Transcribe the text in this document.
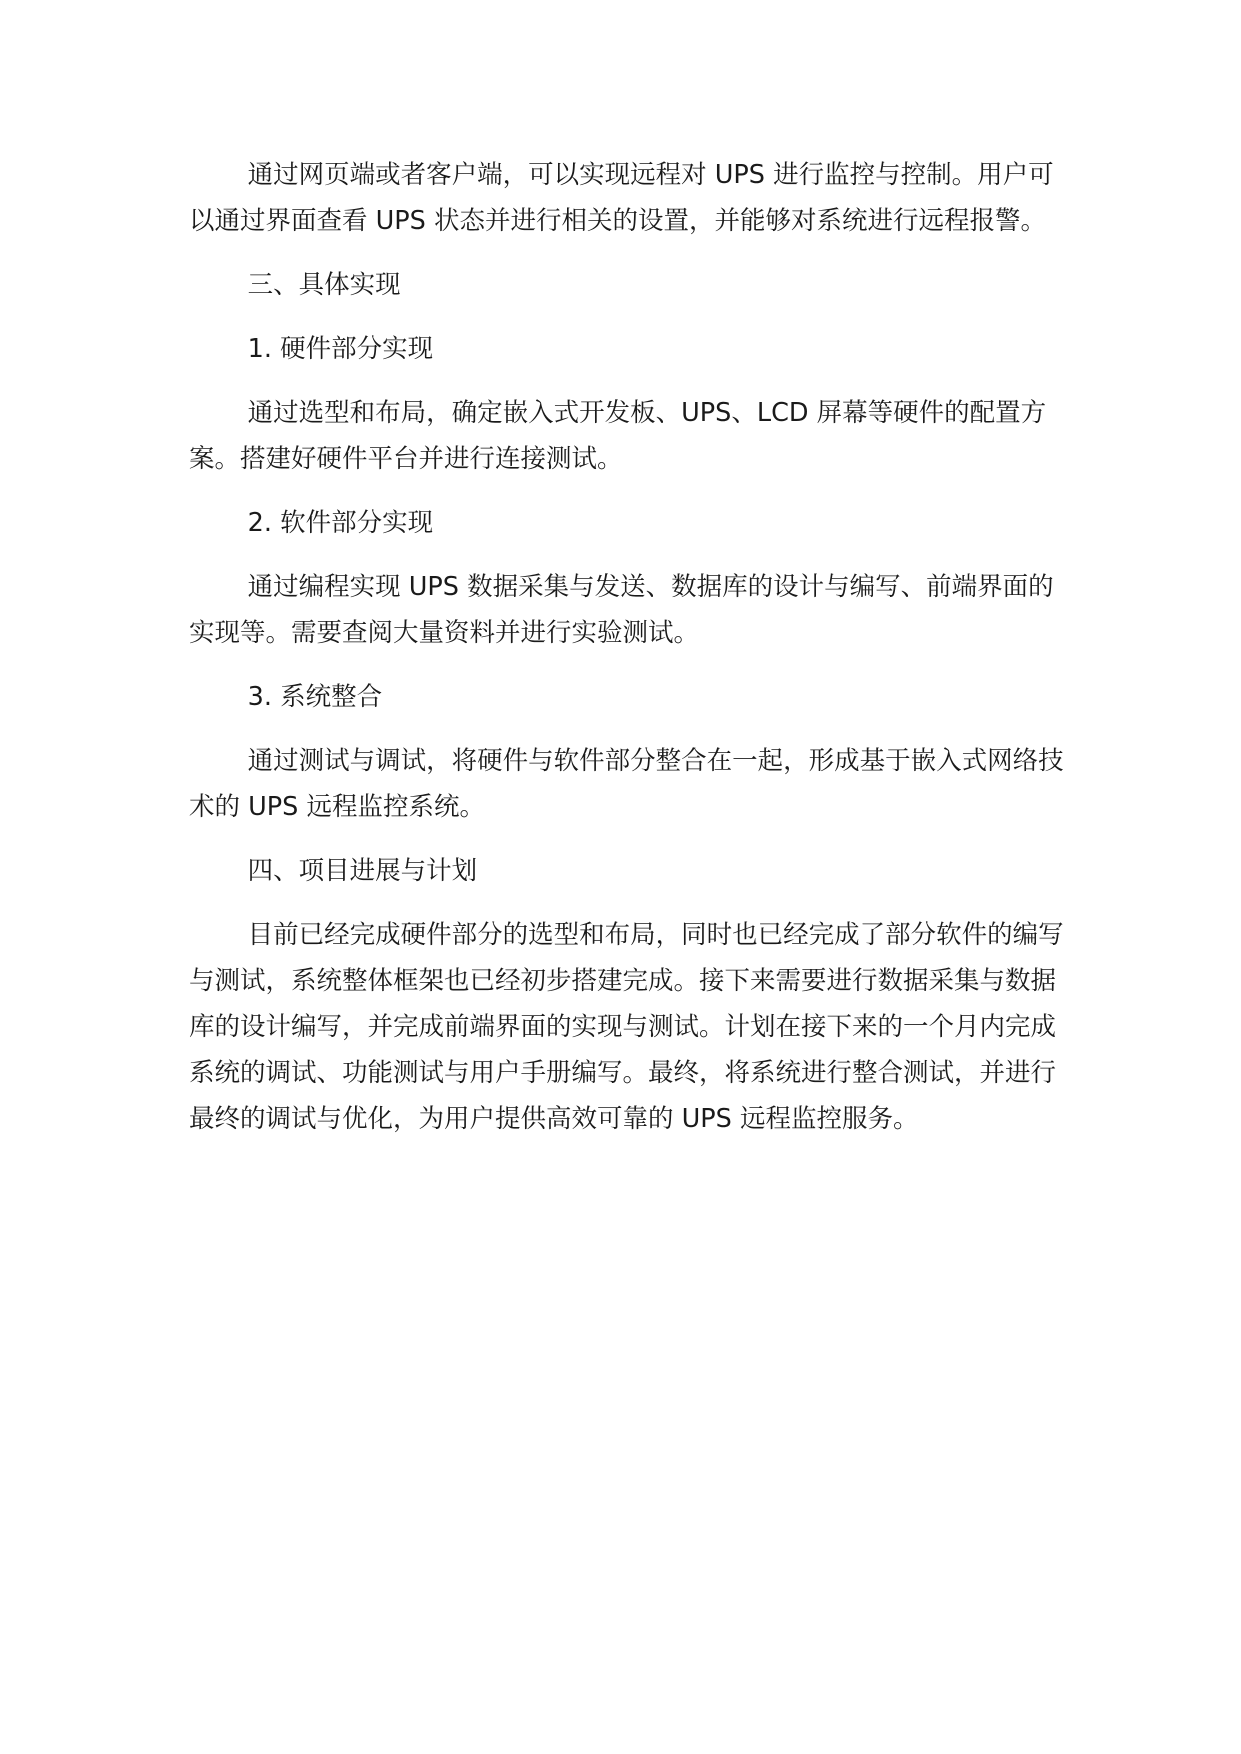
通过网页端或者客户端，可以实现远程对 UPS 进行监控与控制。用户可以通过界面查看 UPS 状态并进行相关的设置，并能够对系统进行远程报警。

三、具体实现

1. 硬件部分实现

通过选型和布局，确定嵌入式开发板、UPS、LCD 屏幕等硬件的配置方案。搭建好硬件平台并进行连接测试。

2. 软件部分实现

通过编程实现 UPS 数据采集与发送、数据库的设计与编写、前端界面的实现等。需要查阅大量资料并进行实验测试。

3. 系统整合

通过测试与调试，将硬件与软件部分整合在一起，形成基于嵌入式网络技术的 UPS 远程监控系统。

四、项目进展与计划

目前已经完成硬件部分的选型和布局，同时也已经完成了部分软件的编写与测试，系统整体框架也已经初步搭建完成。接下来需要进行数据采集与数据库的设计编写，并完成前端界面的实现与测试。计划在接下来的一个月内完成系统的调试、功能测试与用户手册编写。最终，将系统进行整合测试，并进行最终的调试与优化，为用户提供高效可靠的 UPS 远程监控服务。
